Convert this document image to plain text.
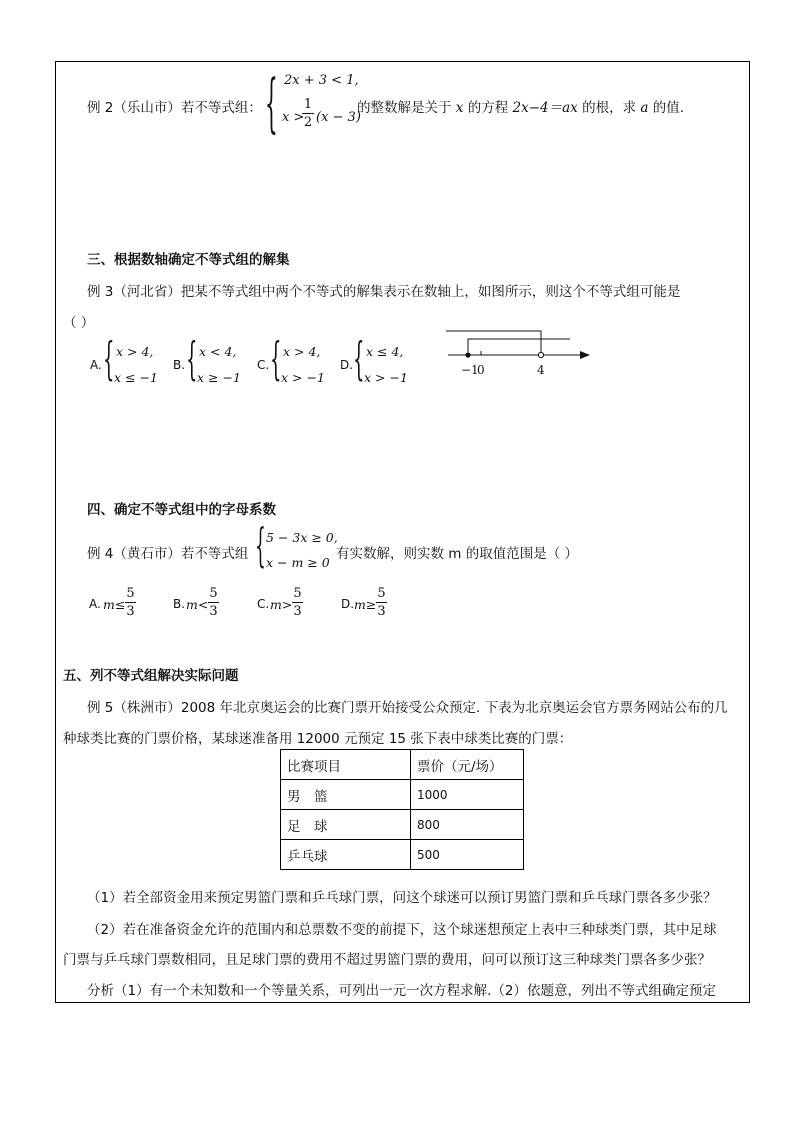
例 2（乐山市）若不等式组： { 2x + 3 < 1,
x >
1
2 (x − 3)
的整数解是关于 x 的方程 2x−4＝ax 的根，求 a 的值.
三、根据数轴确定不等式组的解集
例 3（河北省）把某不等式组中两个不等式的解集表示在数轴上，如图所示，则这个不等式组可能是
（ ）
A. { x > 4,
x ≤ −1
B. { x < 4,
x ≥ −1
C. { x > 4,
x > −1
D. { x ≤ 4,
x > −1	−1
0	4
四、确定不等式组中的字母系数
例 4（黄石市）若不等式组 { 5 − 3x ≥ 0,
x − m ≥ 0
有实数解，则实数 m 的取值范围是（ ）
A. m≤
5
3	B. m<
5
3	C. m>
5
3	D. m≥
5
3
五、列不等式组解决实际问题
例 5（株洲市）2008 年北京奥运会的比赛门票开始接受公众预定. 下表为北京奥运会官方票务网站公布的几
种球类比赛的门票价格，某球迷准备用 12000 元预定 15 张下表中球类比赛的门票：
比赛项目	票价（元/场）
男　篮	1000
足　球	800
乒乓球	500
（1）若全部资金用来预定男篮门票和乒乓球门票，问这个球迷可以预订男篮门票和乒乓球门票各多少张？
（2）若在准备资金允许的范围内和总票数不变的前提下，这个球迷想预定上表中三种球类门票，其中足球
门票与乒乓球门票数相同，且足球门票的费用不超过男篮门票的费用，问可以预订这三种球类门票各多少张？
分析（1）有一个未知数和一个等量关系，可列出一元一次方程求解.（2）依题意，列出不等式组确定预定
